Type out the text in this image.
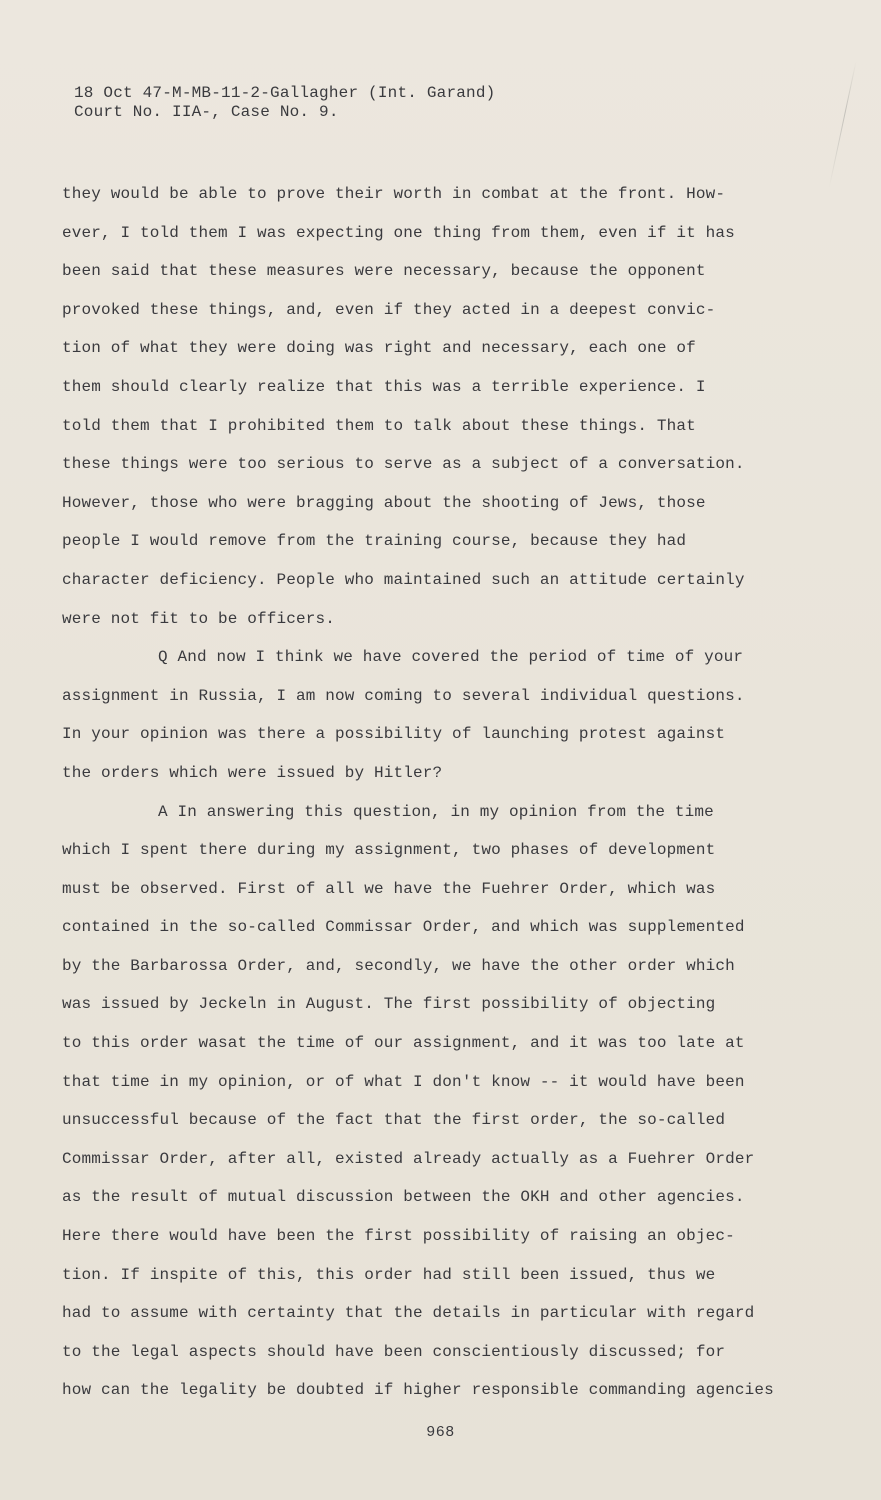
18 Oct 47-M-MB-11-2-Gallagher (Int. Garand)
Court No. IIA-, Case No. 9.
they would be able to prove their worth in combat at the front. How-
ever, I told them I was expecting one thing from them, even if it has
been said that these measures were necessary, because the opponent
provoked these things, and, even if they acted in a deepest convic-
tion of what they were doing was right and necessary, each one of
them should clearly realize that this was a terrible experience. I
told them that I prohibited them to talk about these things. That
these things were too serious to serve as a subject of a conversation.
However, those who were bragging about the shooting of Jews, those
people I would remove from the training course, because they had
character deficiency. People who maintained such an attitude certainly
were not fit to be officers.
Q And now I think we have covered the period of time of your
assignment in Russia, I am now coming to several individual questions.
In your opinion was there a possibility of launching protest against
the orders which were issued by Hitler?
A In answering this question, in my opinion from the time
which I spent there during my assignment, two phases of development
must be observed. First of all we have the Fuehrer Order, which was
contained in the so-called Commissar Order, and which was supplemented
by the Barbarossa Order, and, secondly, we have the other order which
was issued by Jeckeln in August. The first possibility of objecting
to this order wasat the time of our assignment, and it was too late at
that time in my opinion, or of what I don't know -- it would have been
unsuccessful because of the fact that the first order, the so-called
Commissar Order, after all, existed already actually as a Fuehrer Order
as the result of mutual discussion between the OKH and other agencies.
Here there would have been the first possibility of raising an objec-
tion. If inspite of this, this order had still been issued, thus we
had to assume with certainty that the details in particular with regard
to the legal aspects should have been conscientiously discussed; for
how can the legality be doubted if higher responsible commanding agencies
968
